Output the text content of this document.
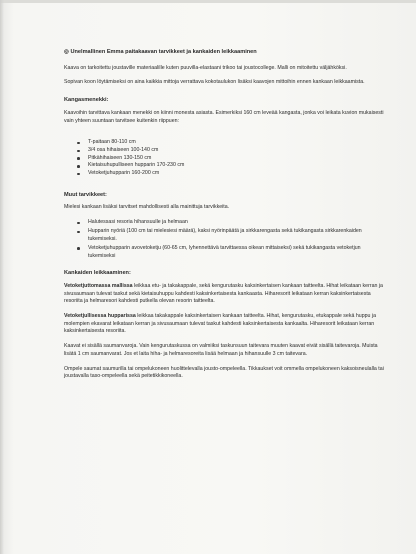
◎ Unelmallinen Emma paitakaavan tarvikkeet ja kankaiden leikkaaminen

Kaava on tarkoitettu joustaville materiaalille kuten puuvilla-elastaani trikoo tai joustocollege. Malli on mitoitettu väljähköksi.

Sopivan koon löytämiseksi on aina kaikkia mittoja verrattava kokotaulukon lisäksi kaavojen mittoihin ennen kankaan leikkaamista.

Kangasmenekki:

Kaavoihin tarvittava kankaan menekki on kiinni monesta asiasta. Esimerkiksi 160 cm leveää kangasta, jonka voi leikata kuvion mukaisesti vain yhteen suuntaan tarvitsee kuitenkin riippuen:

T-paitaan 80-110 cm
3/4 osa hihaiseen 100-140 cm
Pitkähihaiseen 130-150 cm
Kietaisuhupulliseen hupparin 170-230 cm
Vetoketjuhupparin 160-200 cm
Muut tarvikkeet:

Mielesi kankaan lisäksi tarvitset mahdollisesti alla mainittuja tarvikkeita.

Halutessasi resoria hihansuulle ja helmaan
Hupparin nyöriä (100 cm tai mielesiesi määrä), kaksi nyörinpäätä ja sirkkarengasta sekä tukikangasta sirkkarenkaiden tukemiseksi.
Vetoketjuhupparin avovetoketju (60-65 cm, lyhennettävä tarvittaessa oikean mittaiseksi) sekä tukikangasta vetoketjun tukemiseksi
Kankaiden leikkaaminen:

Vetoketjuttomassa mallissa leikkaa etu- ja takakappale, sekä kengurutasku kaksinkertaisen kankaan taitteelta. Hihat leikataan kerran ja sivusaumaan tulevat taskut sekä kietaisuhuppu kahdesti kaksinkertaisesta kankaasta. Hiharesorit leikataan kerran kaksinkertaisesta resoriita ja helmaresori kahdesti putkella olevan resorin taitteelta.

Vetoketjullisessa hupparissa leikkaa takakappale kaksinkertaisen kankaan taitteelta. Hihat, kengurutasku, etukappale sekä huppu ja molempien ekavarat leikataan kerran ja sivusaumaan tulevat taskut kahdesti kaksinkertaisesta kankaalta. Hiharesorit leikataan kerran kaksinkertaisesta resoriita.

Kaavat ei sisällä saumanvaroja. Vain kengurutaskussa on valmiiksi taskunsuun taitevara muuten kaavat eivät sisällä taitevaroja. Muista lisätä 1 cm saumanvarat. Jos et laita hiha- ja helmaresoreita lisää helmaan ja hihansuulle 3 cm taitevara.

Ompele saumat saumurilla tai ompelukoneen huolittelevalla jousto-ompeleella. Tikkaukset voit ommella ompelukoneen kaksoisneulalla tai joustavalla taso-ompeleella sekä peitetikkikoneella.
